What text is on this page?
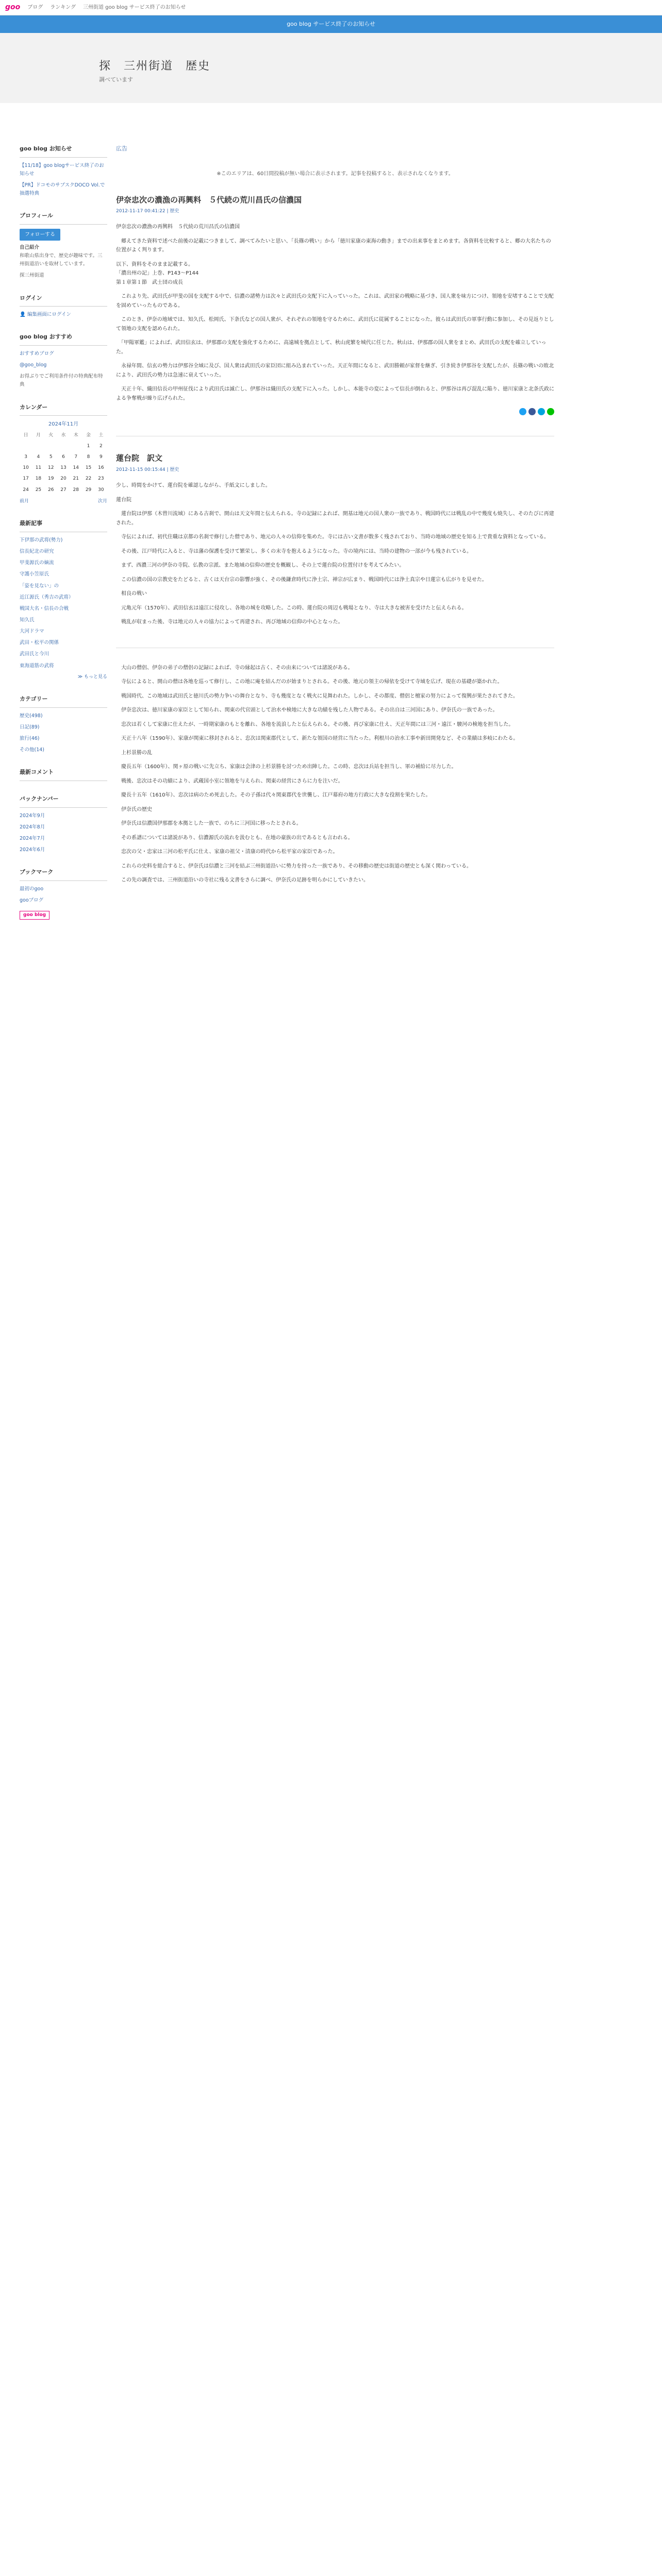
goo ブログ ランキング 三州街道 goo blog サービス終了のお知らせ
goo blog サービス終了のお知らせ
探　三州街道　歴史
調べています
goo blog お知らせ
【11/18】goo blogサービス終了のお知らせ
【PR】ドコモのサブスクDOCO Vol.で 抽選特典
プロフィール
フォローする
自己紹介
和歌山県出身で、歴史が趣味です。三州街道沿いを取材しています。
探三州街道
ログイン
👤 編集画面にログイン
goo blog おすすめ
おすすめブログ
@goo_blog
お得ぶりでご利用条件付の特典配布特典
カレンダー
2024年11月
日	月	火	水	木	金	土
					1	2
3	4	5	6	7	8	9
10	11	12	13	14	15	16
17	18	19	20	21	22	23
24	25	26	27	28	29	30
前月	次月
最新記事
下伊那の武将(勢力)
信長紀北の研究
甲斐源氏の嫡流
守護小笠原氏
「姿を見ない」の
近江源氏（秀吉の武将）
戦国大名・信長の合戦
知久氏
大河ドラマ
武田・松平の関係
武田氏と今川
東海道筋の武将
≫ もっと見る
カテゴリー
歴史(498)
日記(89)
旅行(46)
その他(14)
最新コメント
バックナンバー
2024年9月
2024年8月
2024年7月
2024年6月
ブックマーク
最初のgoo
gooブログ
goo blog
広告
※このエリアは、60日間投稿が無い場合に表示されます。記事を投稿すると、表示されなくなります。
伊奈忠次の濃漁の再興料　５代続の荒川昌氏の信濃国
2012-11-17 00:41:22 | 歴史

伊奈忠次の濃漁の再興料　５代続の荒川昌氏の信濃国

　郷えてきた資料で述べた前後の記載につきまして、調べてみたいと思い、「長篠の戦い」から「徳川家康の東海の動き」までの出来事をまとめます。各資料を比較すると、郷の大名たちの位置がよく判ります。

以下、資料をそのまま記載する。
「濃出州の記」上巻、P143〜P144
第１章第１節　武士団の成長

　これより先、武田氏が甲斐の国を支配する中で、信濃の諸勢力は次々と武田氏の支配下に入っていった。これは、武田家の戦略に基づき、国人衆を味方につけ、領地を安堵することで支配を固めていったものである。

　このとき、伊奈の地域では、知久氏、松岡氏、下条氏などの国人衆が、それぞれの領地を守るために、武田氏に従属することになった。彼らは武田氏の軍事行動に参加し、その見返りとして領地の支配を認められた。

　「甲陽軍鑑」によれば、武田信玄は、伊那郡の支配を強化するために、高遠城を拠点として、秋山虎繁を城代に任じた。秋山は、伊那郡の国人衆をまとめ、武田氏の支配を確立していった。

　永禄年間、信玄の勢力は伊那谷全域に及び、国人衆は武田氏の家臣団に組み込まれていった。天正年間になると、武田勝頼が家督を継ぎ、引き続き伊那谷を支配したが、長篠の戦いの敗北により、武田氏の勢力は急速に衰えていった。

　天正十年、織田信長の甲州征伐により武田氏は滅亡し、伊那谷は織田氏の支配下に入った。しかし、本能寺の変によって信長が倒れると、伊那谷は再び混乱に陥り、徳川家康と北条氏政による争奪戦が繰り広げられた。

蓮台院　訳文
2012-11-15 00:15:44 | 歴史

少し、時間をかけて、蓮台院を確認しながら、手紙文にしました。

蓮台院

　蓮台院は伊那（木曾川流域）にある古刹で、開山は天文年間と伝えられる。寺の記録によれば、開基は地元の国人衆の一族であり、戦国時代には戦乱の中で幾度も焼失し、そのたびに再建された。

　寺伝によれば、初代住職は京都の名刹で修行した僧であり、地元の人々の信仰を集めた。寺には古い文書が数多く残されており、当時の地域の歴史を知る上で貴重な資料となっている。

　その後、江戸時代に入ると、寺は藩の保護を受けて繁栄し、多くの末寺を抱えるようになった。寺の境内には、当時の建物の一部が今も残されている。

　まず、西濃三河の伊奈の寺院、仏教の宗派、また地域の信仰の歴史を概観し、その上で蓮台院の位置付けを考えてみたい。

　この信濃の国の宗教史をたどると、古くは天台宗の影響が強く、その後鎌倉時代に浄土宗、禅宗が広まり、戦国時代には浄土真宗や日蓮宗も広がりを見せた。

　相良の戦い

　元亀元年（1570年）、武田信玄は遠江に侵攻し、各地の城を攻略した。この時、蓮台院の周辺も戦場となり、寺は大きな被害を受けたと伝えられる。

　戦乱が収まった後、寺は地元の人々の協力によって再建され、再び地域の信仰の中心となった。

　大山の僧侶、伊奈の弟子の僧侶の記録によれば、寺の縁起は古く、その由来については諸説がある。

　寺伝によると、開山の僧は各地を巡って修行し、この地に庵を結んだのが始まりとされる。その後、地元の領主の帰依を受けて寺域を広げ、現在の基礎が築かれた。

　戦国時代、この地域は武田氏と徳川氏の勢力争いの舞台となり、寺も幾度となく戦火に見舞われた。しかし、その都度、僧侶と檀家の努力によって復興が果たされてきた。

　伊奈忠次は、徳川家康の家臣として知られ、関東の代官頭として治水や検地に大きな功績を残した人物である。その出自は三河国にあり、伊奈氏の一族であった。

　忠次は若くして家康に仕えたが、一時期家康のもとを離れ、各地を流浪したと伝えられる。その後、再び家康に仕え、天正年間には三河・遠江・駿河の検地を担当した。

　天正十八年（1590年）、家康が関東に移封されると、忠次は関東郡代として、新たな領国の経営に当たった。利根川の治水工事や新田開発など、その業績は多岐にわたる。

　上杉景勝の乱

　慶長五年（1600年）、関ヶ原の戦いに先立ち、家康は会津の上杉景勝を討つため出陣した。この時、忠次は兵站を担当し、軍の補給に尽力した。

　戦後、忠次はその功績により、武蔵国小室に領地を与えられ、関東の経営にさらに力を注いだ。

　慶長十五年（1610年）、忠次は病のため死去した。その子孫は代々関東郡代を世襲し、江戸幕府の地方行政に大きな役割を果たした。

　伊奈氏の歴史

　伊奈氏は信濃国伊那郡を本拠とした一族で、のちに三河国に移ったとされる。

　その系譜については諸説があり、信濃源氏の流れを汲むとも、在地の豪族の出であるとも言われる。

　忠次の父・忠家は三河の松平氏に仕え、家康の祖父・清康の時代から松平家の家臣であった。

　これらの史料を総合すると、伊奈氏は信濃と三河を結ぶ三州街道沿いに勢力を持った一族であり、その移動の歴史は街道の歴史とも深く関わっている。

　この先の調査では、三州街道沿いの寺社に残る文書をさらに調べ、伊奈氏の足跡を明らかにしていきたい。
